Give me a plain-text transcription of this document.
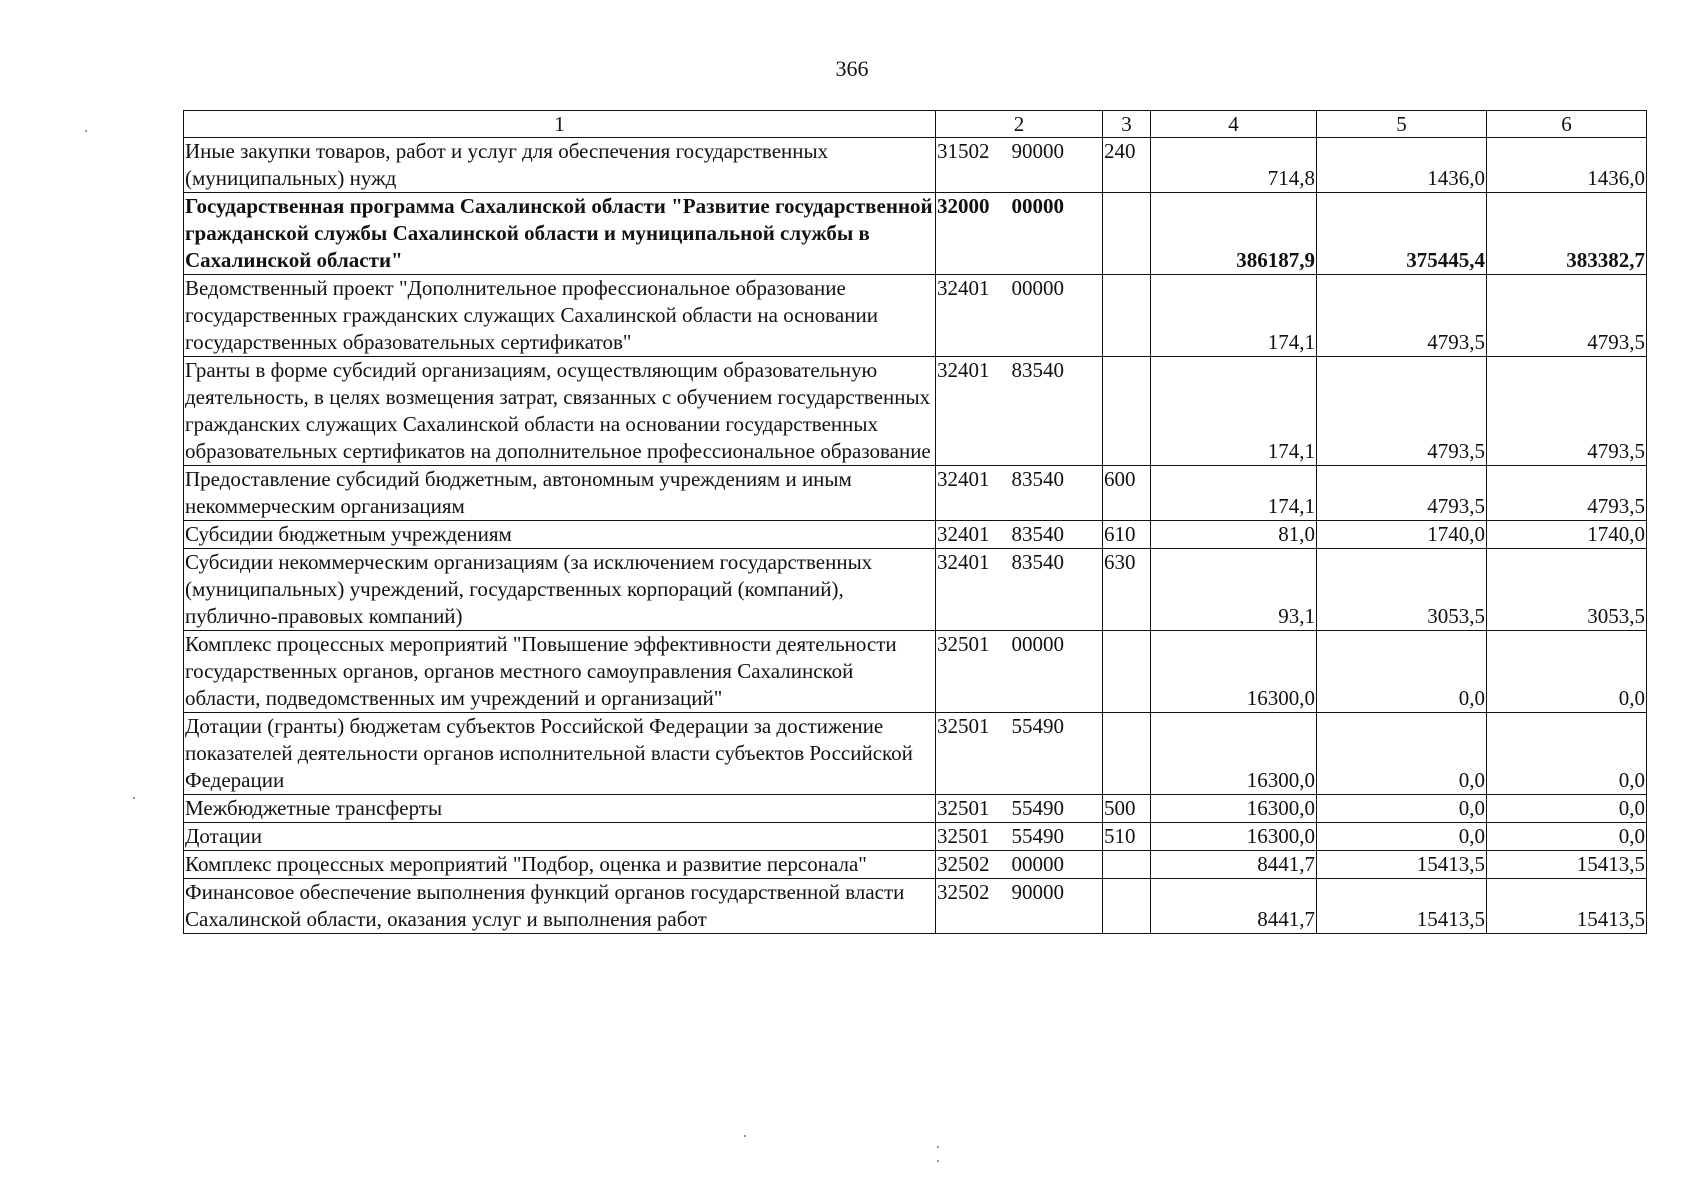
366
1	2	3	4	5	6
Иные закупки товаров, работ и услуг для обеспечения государственных (муниципальных) нужд	31502 90000	240	714,8	1436,0	1436,0
Государственная программа Сахалинской области "Развитие государственной гражданской службы Сахалинской области и муниципальной службы в Сахалинской области"	32000 00000		386187,9	375445,4	383382,7
Ведомственный проект "Дополнительное профессиональное образование государственных гражданских служащих Сахалинской области на основании государственных образовательных сертификатов"	32401 00000		174,1	4793,5	4793,5
Гранты в форме субсидий организациям, осуществляющим образовательную деятельность, в целях возмещения затрат, связанных с обучением государственных гражданских служащих Сахалинской области на основании государственных образовательных сертификатов на дополнительное профессиональное образование	32401 83540		174,1	4793,5	4793,5
Предоставление субсидий бюджетным, автономным учреждениям и иным некоммерческим организациям	32401 83540	600	174,1	4793,5	4793,5
Субсидии бюджетным учреждениям	32401 83540	610	81,0	1740,0	1740,0
Субсидии некоммерческим организациям (за исключением государственных (муниципальных) учреждений, государственных корпораций (компаний), публично-правовых компаний)	32401 83540	630	93,1	3053,5	3053,5
Комплекс процессных мероприятий "Повышение эффективности деятельности государственных органов, органов местного самоуправления Сахалинской области, подведомственных им учреждений и организаций"	32501 00000		16300,0	0,0	0,0
Дотации (гранты) бюджетам субъектов Российской Федерации за достижение показателей деятельности органов исполнительной власти субъектов Российской Федерации	32501 55490		16300,0	0,0	0,0
Межбюджетные трансферты	32501 55490	500	16300,0	0,0	0,0
Дотации	32501 55490	510	16300,0	0,0	0,0
Комплекс процессных мероприятий "Подбор, оценка и развитие персонала"	32502 00000		8441,7	15413,5	15413,5
Финансовое обеспечение выполнения функций органов государственной власти Сахалинской области, оказания услуг и выполнения работ	32502 90000		8441,7	15413,5	15413,5
